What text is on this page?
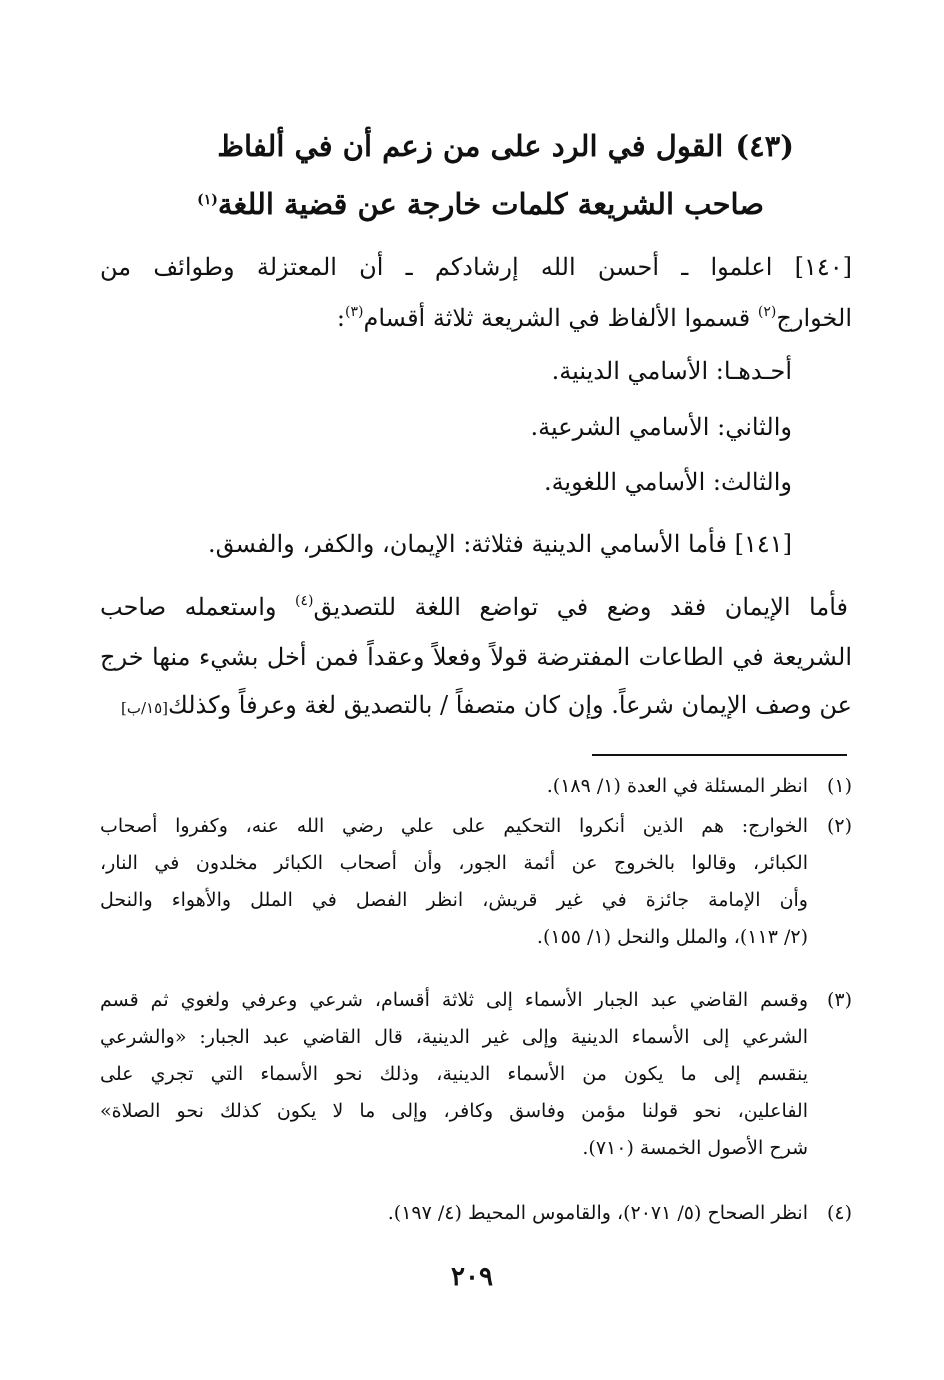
(٤٣)القول في الرد على من زعم أن في ألفاظ
صاحب الشريعة كلمات خارجة عن قضية اللغة$^{(١)}$
[١٤٠] اعلموا ـ أحسن الله إرشادكم ـ أن المعتزلة وطوائف من
الخوارج$^{(٢)}$ قسموا الألفاظ في الشريعة ثلاثة أقسام$^{(٣)}$:
أحـدهـا: الأسامي الدينية.
والثاني: الأسامي الشرعية.
والثالث: الأسامي اللغوية.
[١٤١] فأما الأسامي الدينية فثلاثة: الإيمان، والكفر، والفسق.
فأما الإيمان فقد وضع في تواضع اللغة للتصديق$^{(٤)}$ واستعمله صاحب
الشريعة في الطاعات المفترضة قولاً وفعلاً وعقداً فمن أخل بشيء منها خرج
عن وصف الإيمان شرعاً. وإن كان متصفاً / بالتصديق لغة وعرفاً وكذلك[١٥/ب]
(١)
انظر المسئلة في العدة (١/ ١٨٩).
(٢)
الخوارج: هم الذين أنكروا التحكيم على علي رضي الله عنه، وكفروا أصحاب
الكبائر، وقالوا بالخروج عن أئمة الجور، وأن أصحاب الكبائر مخلدون في النار،
وأن الإمامة جائزة في غير قريش، انظر الفصل في الملل والأهواء والنحل
(٢/ ١١٣)، والملل والنحل (١/ ١٥٥).
(٣)
وقسم القاضي عبد الجبار الأسماء إلى ثلاثة أقسام، شرعي وعرفي ولغوي ثم قسم
الشرعي إلى الأسماء الدينية وإلى غير الدينية، قال القاضي عبد الجبار: «والشرعي
ينقسم إلى ما يكون من الأسماء الدينية، وذلك نحو الأسماء التي تجري على
الفاعلين، نحو قولنا مؤمن وفاسق وكافر، وإلى ما لا يكون كذلك نحو الصلاة»
شرح الأصول الخمسة (٧١٠).
(٤)
انظر الصحاح (٥/ ٢٠٧١)، والقاموس المحيط (٤/ ١٩٧).
٢٠٩
